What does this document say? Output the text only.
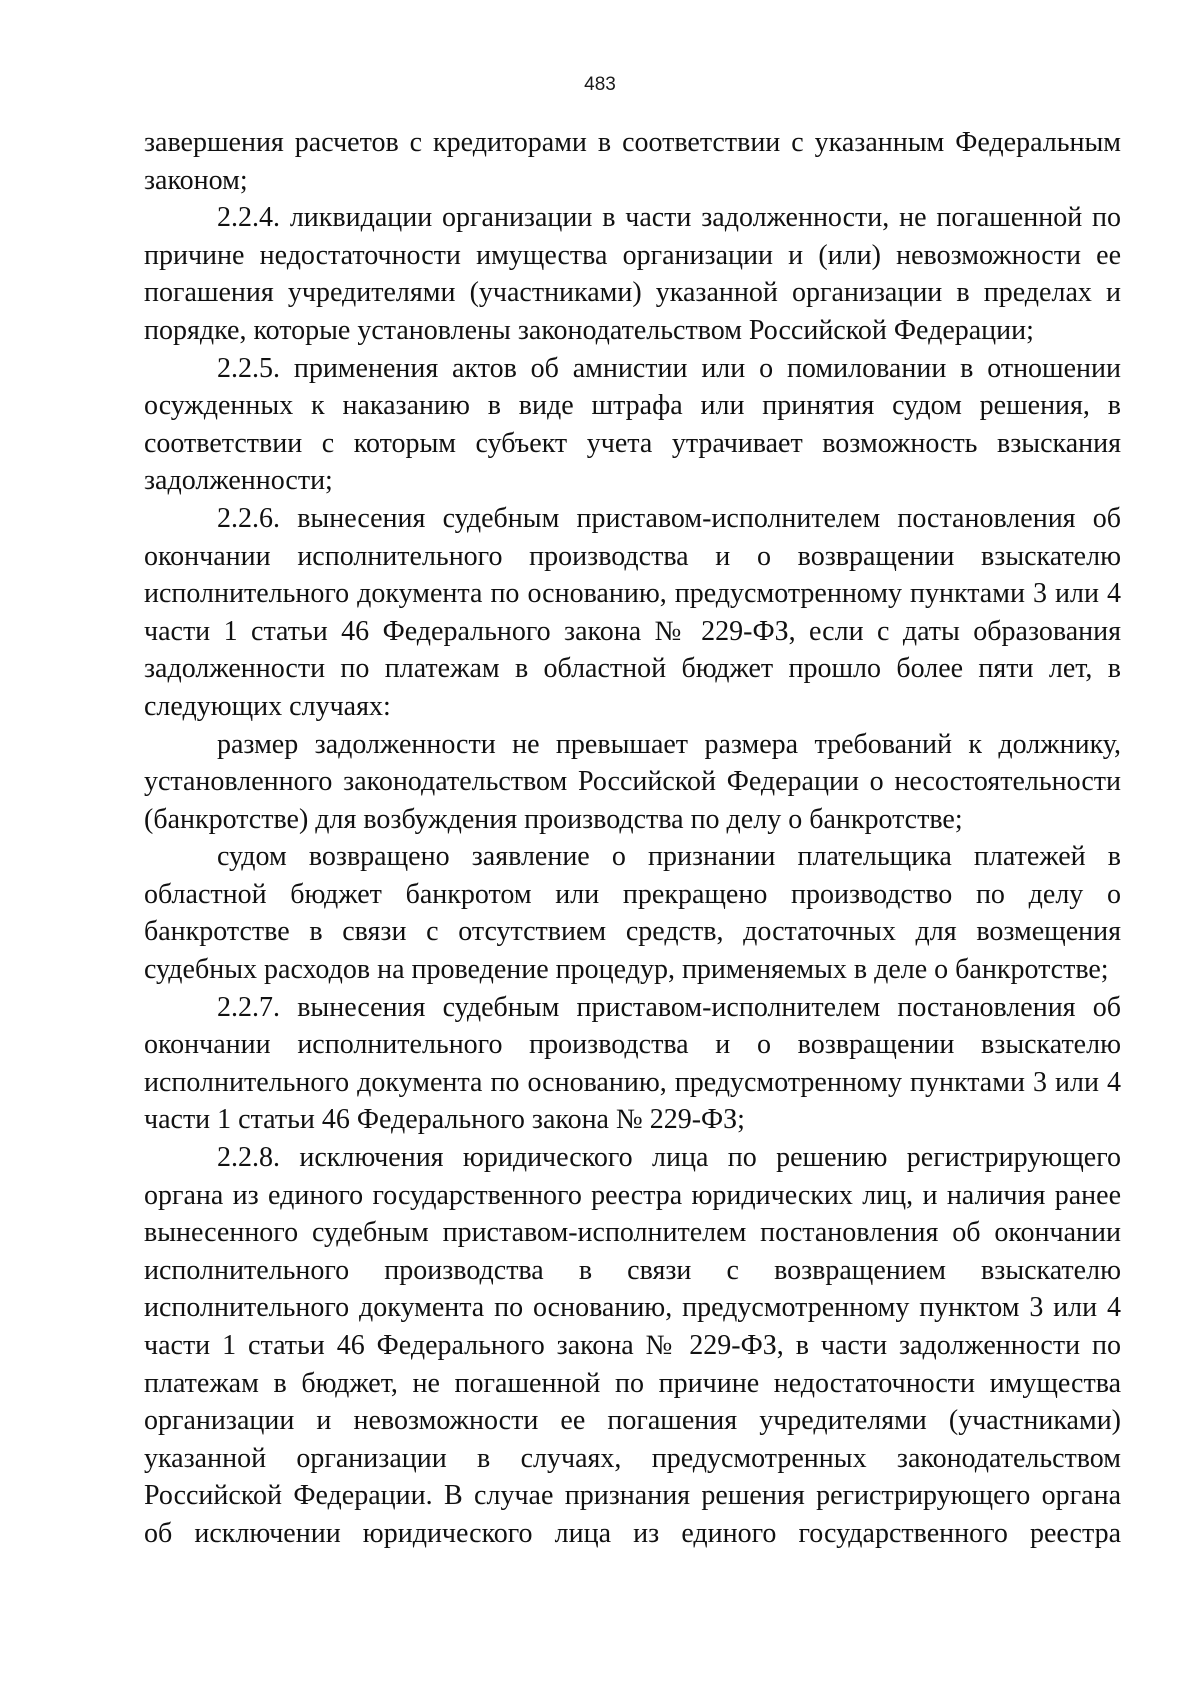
483

завершения расчетов с кредиторами в соответствии с указанным Федеральным законом;

2.2.4. ликвидации организации в части задолженности, не погашенной по причине недостаточности имущества организации и (или) невозможности ее погашения учредителями (участниками) указанной организации в пределах и порядке, которые установлены законодательством Российской Федерации;

2.2.5. применения актов об амнистии или о помиловании в отношении осужденных к наказанию в виде штрафа или принятия судом решения, в соответствии с которым субъект учета утрачивает возможность взыскания задолженности;

2.2.6. вынесения судебным приставом-исполнителем постановления об окончании исполнительного производства и о возвращении взыскателю исполнительного документа по основанию, предусмотренному пунктами 3 или 4 части 1 статьи 46 Федерального закона № 229-ФЗ, если с даты образования задолженности по платежам в областной бюджет прошло более пяти лет, в следующих случаях:

размер задолженности не превышает размера требований к должнику, установленного законодательством Российской Федерации о несостоятельности (банкротстве) для возбуждения производства по делу о банкротстве;

судом возвращено заявление о признании плательщика платежей в областной бюджет банкротом или прекращено производство по делу о банкротстве в связи с отсутствием средств, достаточных для возмещения судебных расходов на проведение процедур, применяемых в деле о банкротстве;

2.2.7. вынесения судебным приставом-исполнителем постановления об окончании исполнительного производства и о возвращении взыскателю исполнительного документа по основанию, предусмотренному пунктами 3 или 4 части 1 статьи 46 Федерального закона № 229-ФЗ;

2.2.8. исключения юридического лица по решению регистрирующего органа из единого государственного реестра юридических лиц, и наличия ранее вынесенного судебным приставом-исполнителем постановления об окончании исполнительного производства в связи с возвращением взыскателю исполнительного документа по основанию, предусмотренному пунктом 3 или 4 части 1 статьи 46 Федерального закона № 229-ФЗ, в части задолженности по платежам в бюджет, не погашенной по причине недостаточности имущества организации и невозможности ее погашения учредителями (участниками) указанной организации в случаях, предусмотренных законодательством Российской Федерации. В случае признания решения регистрирующего органа об исключении юридического лица из единого государственного реестра
